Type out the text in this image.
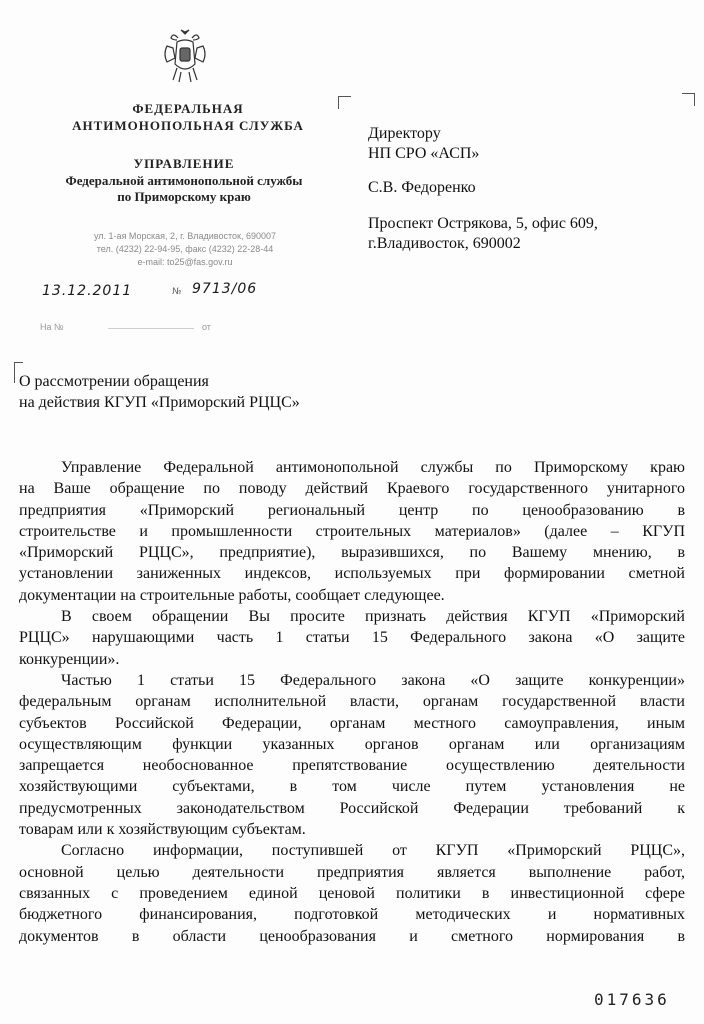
ФЕДЕРАЛЬНАЯ
АНТИМОНОПОЛЬНАЯ СЛУЖБА
УПРАВЛЕНИЕ
Федеральной антимонопольной службы
по Приморскому краю
ул. 1-ая Морская, 2, г. Владивосток, 690007
тел. (4232) 22-94-95, факс (4232) 22-28-44
e-mail: to25@fas.gov.ru
13.12.2011	№ 9713/06
На №	от
Директору
НП СРО «АСП»
С.В. Федоренко
Проспект Острякова, 5, офис 609,
г.Владивосток, 690002
О рассмотрении обращения
на действия КГУП «Приморский РЦЦС»
Управление Федеральной антимонопольной службы по Приморскому краю
на Ваше обращение по поводу действий Краевого государственного унитарного
предприятия «Приморский региональный центр по ценообразованию в
строительстве и промышленности строительных материалов» (далее – КГУП
«Приморский РЦЦС», предприятие), выразившихся, по Вашему мнению, в
установлении заниженных индексов, используемых при формировании сметной
документации на строительные работы, сообщает следующее.
В своем обращении Вы просите признать действия КГУП «Приморский
РЦЦС» нарушающими часть 1 статьи 15 Федерального закона «О защите
конкуренции».
Частью 1 статьи 15 Федерального закона «О защите конкуренции»
федеральным органам исполнительной власти, органам государственной власти
субъектов Российской Федерации, органам местного самоуправления, иным
осуществляющим функции указанных органов органам или организациям
запрещается необоснованное препятствование осуществлению деятельности
хозяйствующими субъектами, в том числе путем установления не
предусмотренных законодательством Российской Федерации требований к
товарам или к хозяйствующим субъектам.
Согласно информации, поступившей от КГУП «Приморский РЦЦС»,
основной целью деятельности предприятия является выполнение работ,
связанных с проведением единой ценовой политики в инвестиционной сфере
бюджетного финансирования, подготовкой методических и нормативных
документов в области ценообразования и сметного нормирования в
017636
